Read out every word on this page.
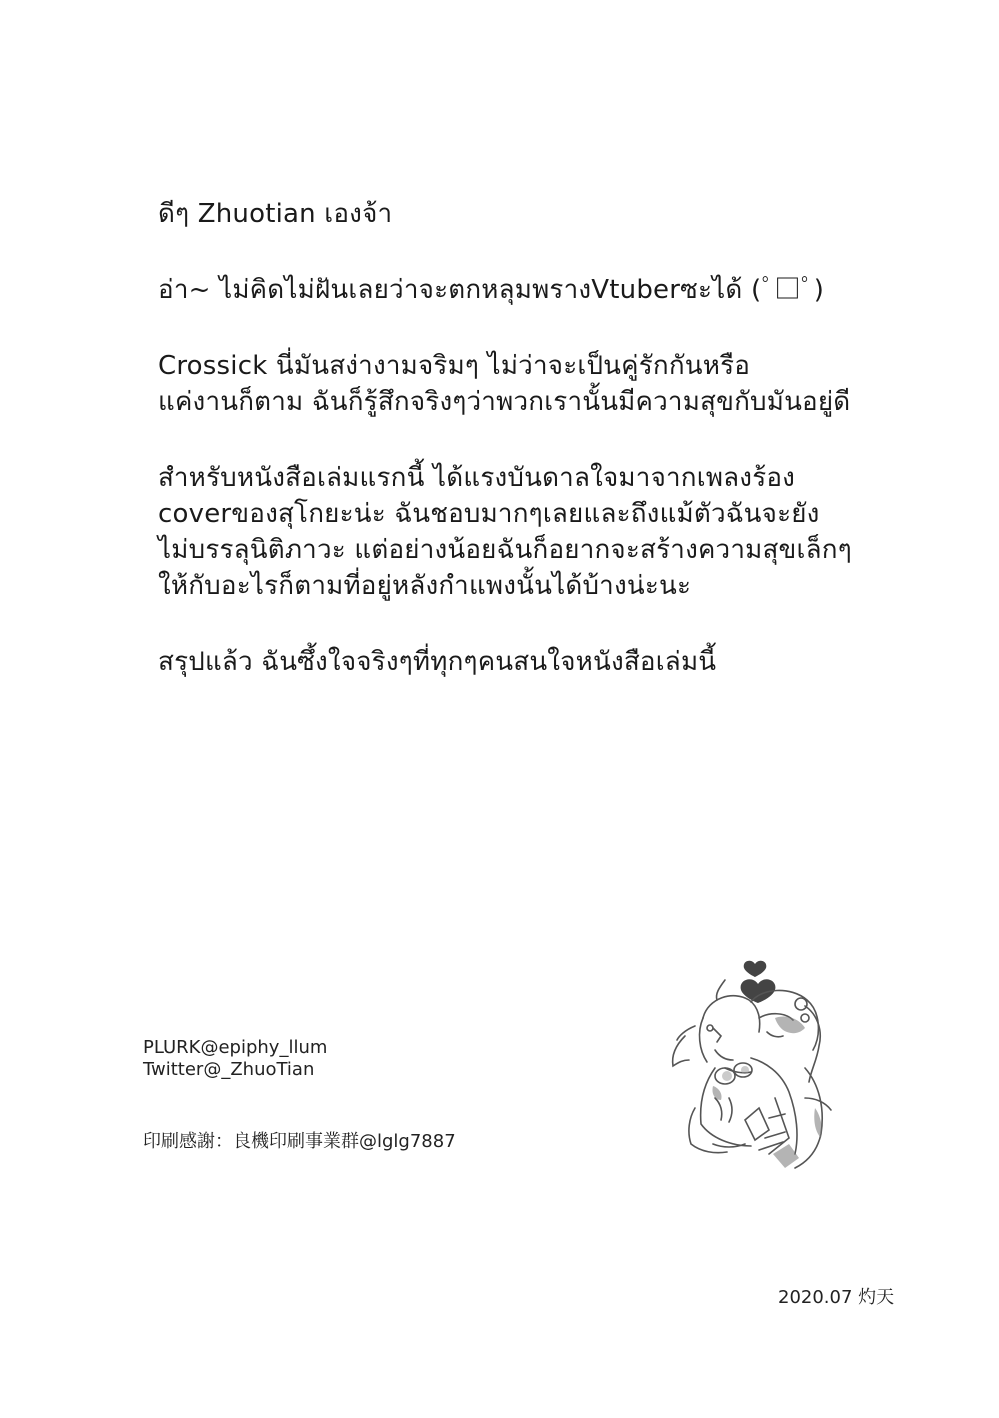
ดีๆ Zhuotian เองจ้า

อ่า~ ไม่คิดไม่ฝันเลยว่าจะตกหลุมพรางVtuberซะได้ (ﾟ□ﾟ)

Crossick นี่มันสง่างามจริมๆ ไม่ว่าจะเป็นคู่รักกันหรือ

แค่งานก็ตาม ฉันก็รู้สึกจริงๆว่าพวกเรานั้นมีความสุขกับมันอยู่ดี

สำหรับหนังสือเล่มแรกนี้ ได้แรงบันดาลใจมาจากเพลงร้อง

coverของสุโกยะน่ะ ฉันชอบมากๆเลยและถึงแม้ตัวฉันจะยัง

ไม่บรรลุนิติภาวะ แต่อย่างน้อยฉันก็อยากจะสร้างความสุขเล็กๆ

ให้กับอะไรก็ตามที่อยู่หลังกำแพงนั้นได้บ้างน่ะนะ

สรุปแล้ว ฉันซึ้งใจจริงๆที่ทุกๆคนสนใจหนังสือเล่มนี้

PLURK@epiphy_llum
Twitter@_ZhuoTian
印刷感謝：良機印刷事業群@lglg7887
2020.07 灼天
